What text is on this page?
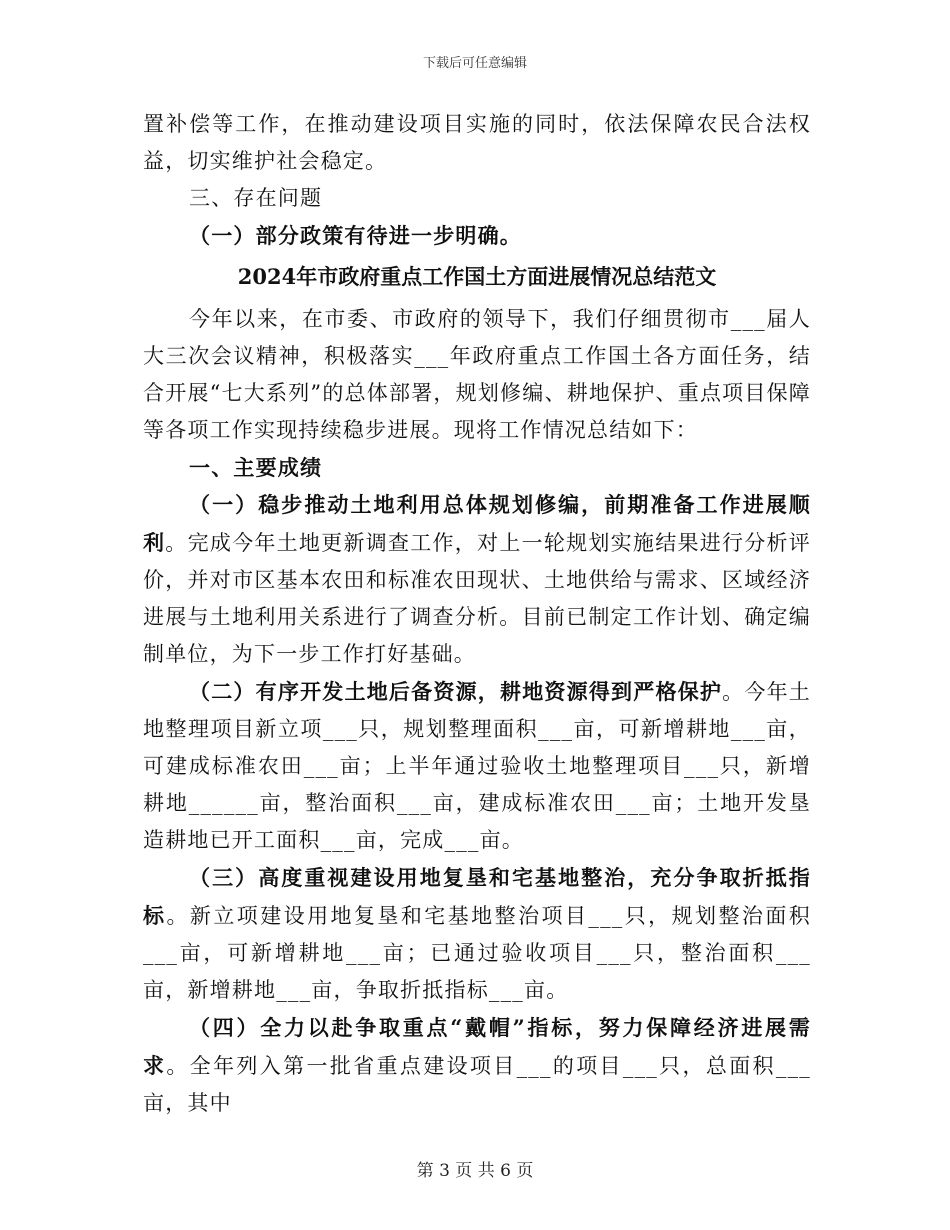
下载后可任意编辑

置补偿等工作，在推动建设项目实施的同时，依法保障农民合法权益，切实维护社会稳定。

三、存在问题

（一）部分政策有待进一步明确。

2024年市政府重点工作国土方面进展情况总结范文

今年以来，在市委、市政府的领导下，我们仔细贯彻市___届人大三次会议精神，积极落实___年政府重点工作国土各方面任务，结合开展“七大系列”的总体部署，规划修编、耕地保护、重点项目保障等各项工作实现持续稳步进展。现将工作情况总结如下：

一、主要成绩

（一）稳步推动土地利用总体规划修编，前期准备工作进展顺利。完成今年土地更新调查工作，对上一轮规划实施结果进行分析评价，并对市区基本农田和标准农田现状、土地供给与需求、区域经济进展与土地利用关系进行了调查分析。目前已制定工作计划、确定编制单位，为下一步工作打好基础。

（二）有序开发土地后备资源，耕地资源得到严格保护。今年土地整理项目新立项___只，规划整理面积___亩，可新增耕地___亩，可建成标准农田___亩；上半年通过验收土地整理项目___只，新增耕地______亩，整治面积___亩，建成标准农田___亩；土地开发垦造耕地已开工面积___亩，完成___亩。

（三）高度重视建设用地复垦和宅基地整治，充分争取折抵指标。新立项建设用地复垦和宅基地整治项目___只，规划整治面积___亩，可新增耕地___亩；已通过验收项目___只，整治面积___亩，新增耕地___亩，争取折抵指标___亩。

（四）全力以赴争取重点“戴帽”指标，努力保障经济进展需求。全年列入第一批省重点建设项目___的项目___只，总面积___亩，其中

第 3 页 共 6 页
